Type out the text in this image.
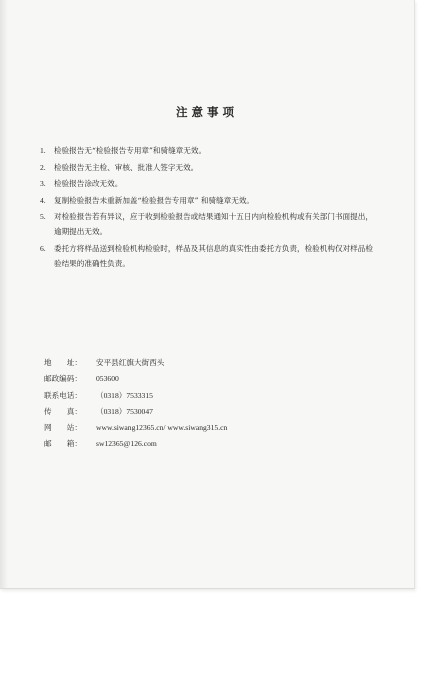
注意事项
1. 检验报告无“检验报告专用章”和骑缝章无效。
2. 检验报告无主检、审核、批准人签字无效。
3. 检验报告涂改无效。
4. 复制检验报告未重新加盖“检验报告专用章” 和骑缝章无效。
5. 对检验报告若有异议，应于收到检验报告或结果通知十五日内向检验机构或有关部门书面提出，逾期提出无效。
6. 委托方将样品送到检验机构检验时，样品及其信息的真实性由委托方负责，检验机构仅对样品检验结果的准确性负责。
地　　址：	安平县红旗大街西头
邮政编码：	053600
联系电话：	（0318）7533315
传　　真：	（0318）7530047
网　　站：	www.siwang12365.cn/ www.siwang315.cn
邮　　箱：	sw12365@126.com
